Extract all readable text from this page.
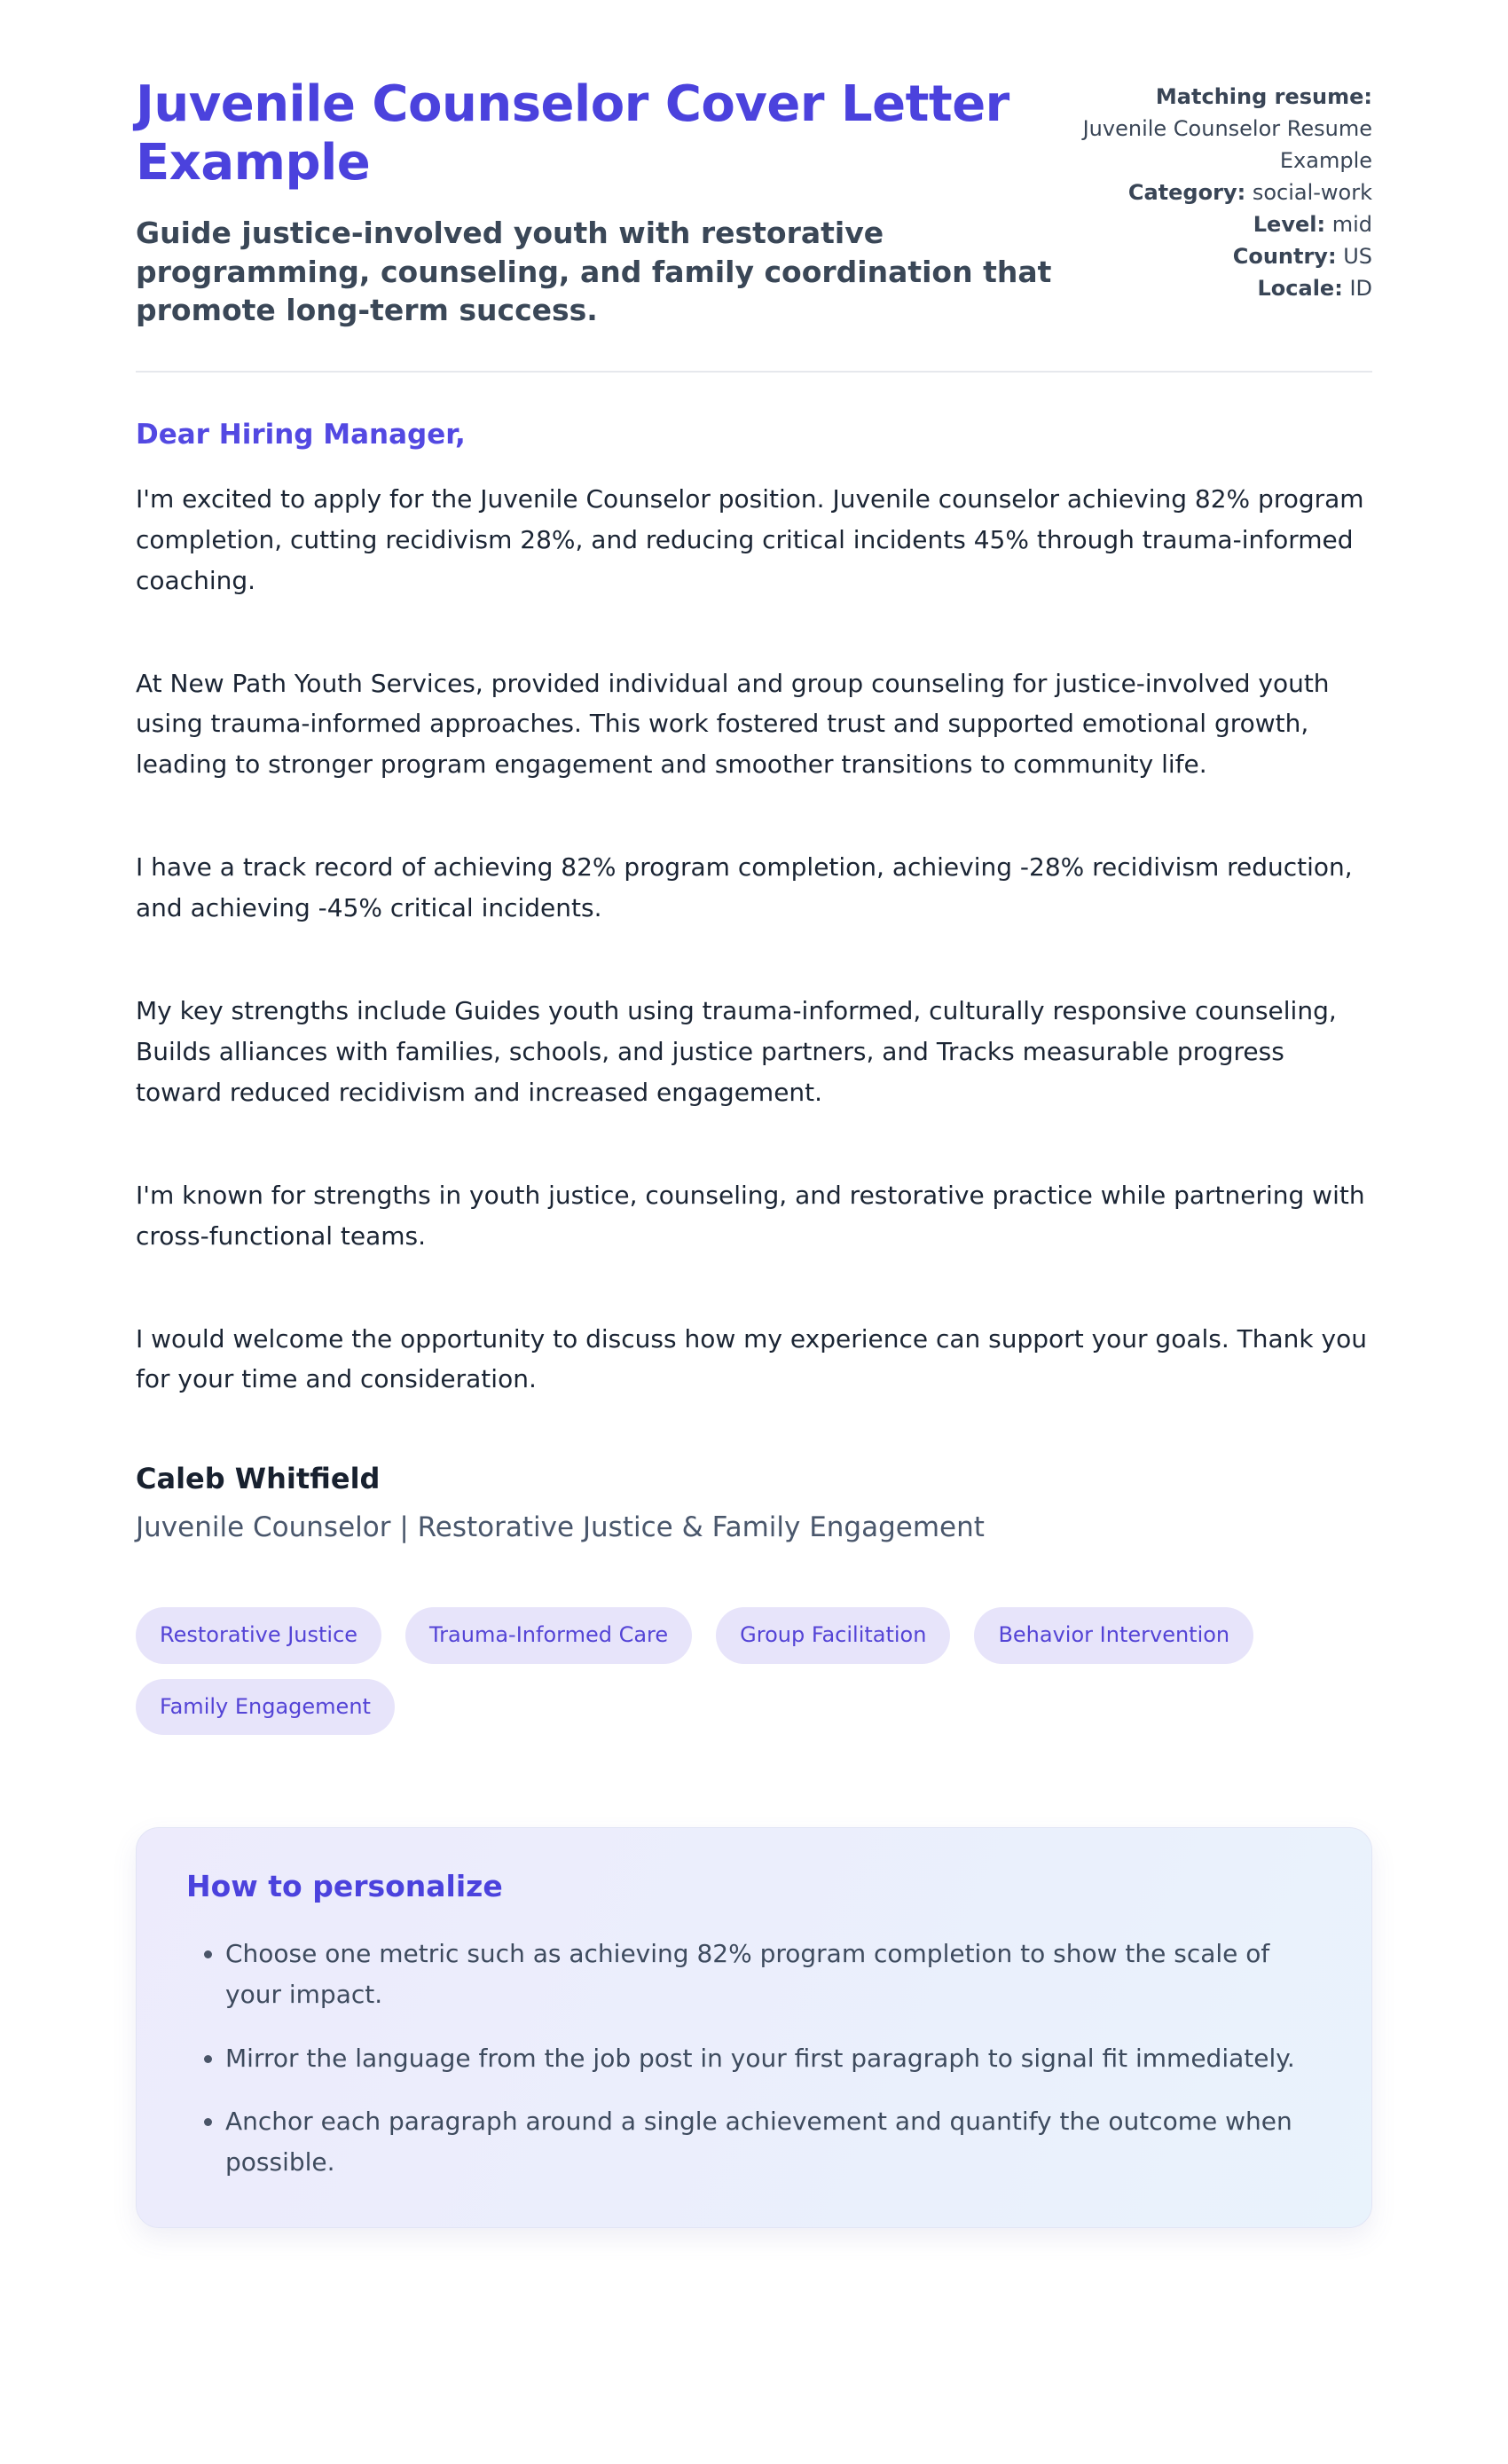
Juvenile Counselor Cover Letter Example

Guide justice-involved youth with restorative programming, counseling, and family coordination that promote long-term success.

Matching resume: Juvenile Counselor Resume Example
Category: social-work
Level: mid
Country: US
Locale: ID

Dear Hiring Manager,

I'm excited to apply for the Juvenile Counselor position. Juvenile counselor achieving 82% program completion, cutting recidivism 28%, and reducing critical incidents 45% through trauma-informed coaching.

At New Path Youth Services, provided individual and group counseling for justice-involved youth using trauma-informed approaches. This work fostered trust and supported emotional growth, leading to stronger program engagement and smoother transitions to community life.

I have a track record of achieving 82% program completion, achieving -28% recidivism reduction, and achieving -45% critical incidents.

My key strengths include Guides youth using trauma-informed, culturally responsive counseling, Builds alliances with families, schools, and justice partners, and Tracks measurable progress toward reduced recidivism and increased engagement.

I'm known for strengths in youth justice, counseling, and restorative practice while partnering with cross-functional teams.

I would welcome the opportunity to discuss how my experience can support your goals. Thank you for your time and consideration.

Caleb Whitfield

Juvenile Counselor | Restorative Justice & Family Engagement

Restorative Justice	Trauma-Informed Care	Group Facilitation	Behavior Intervention
Family Engagement
How to personalize
• Choose one metric such as achieving 82% program completion to show the scale of your impact.
• Mirror the language from the job post in your first paragraph to signal fit immediately.
• Anchor each paragraph around a single achievement and quantify the outcome when possible.
